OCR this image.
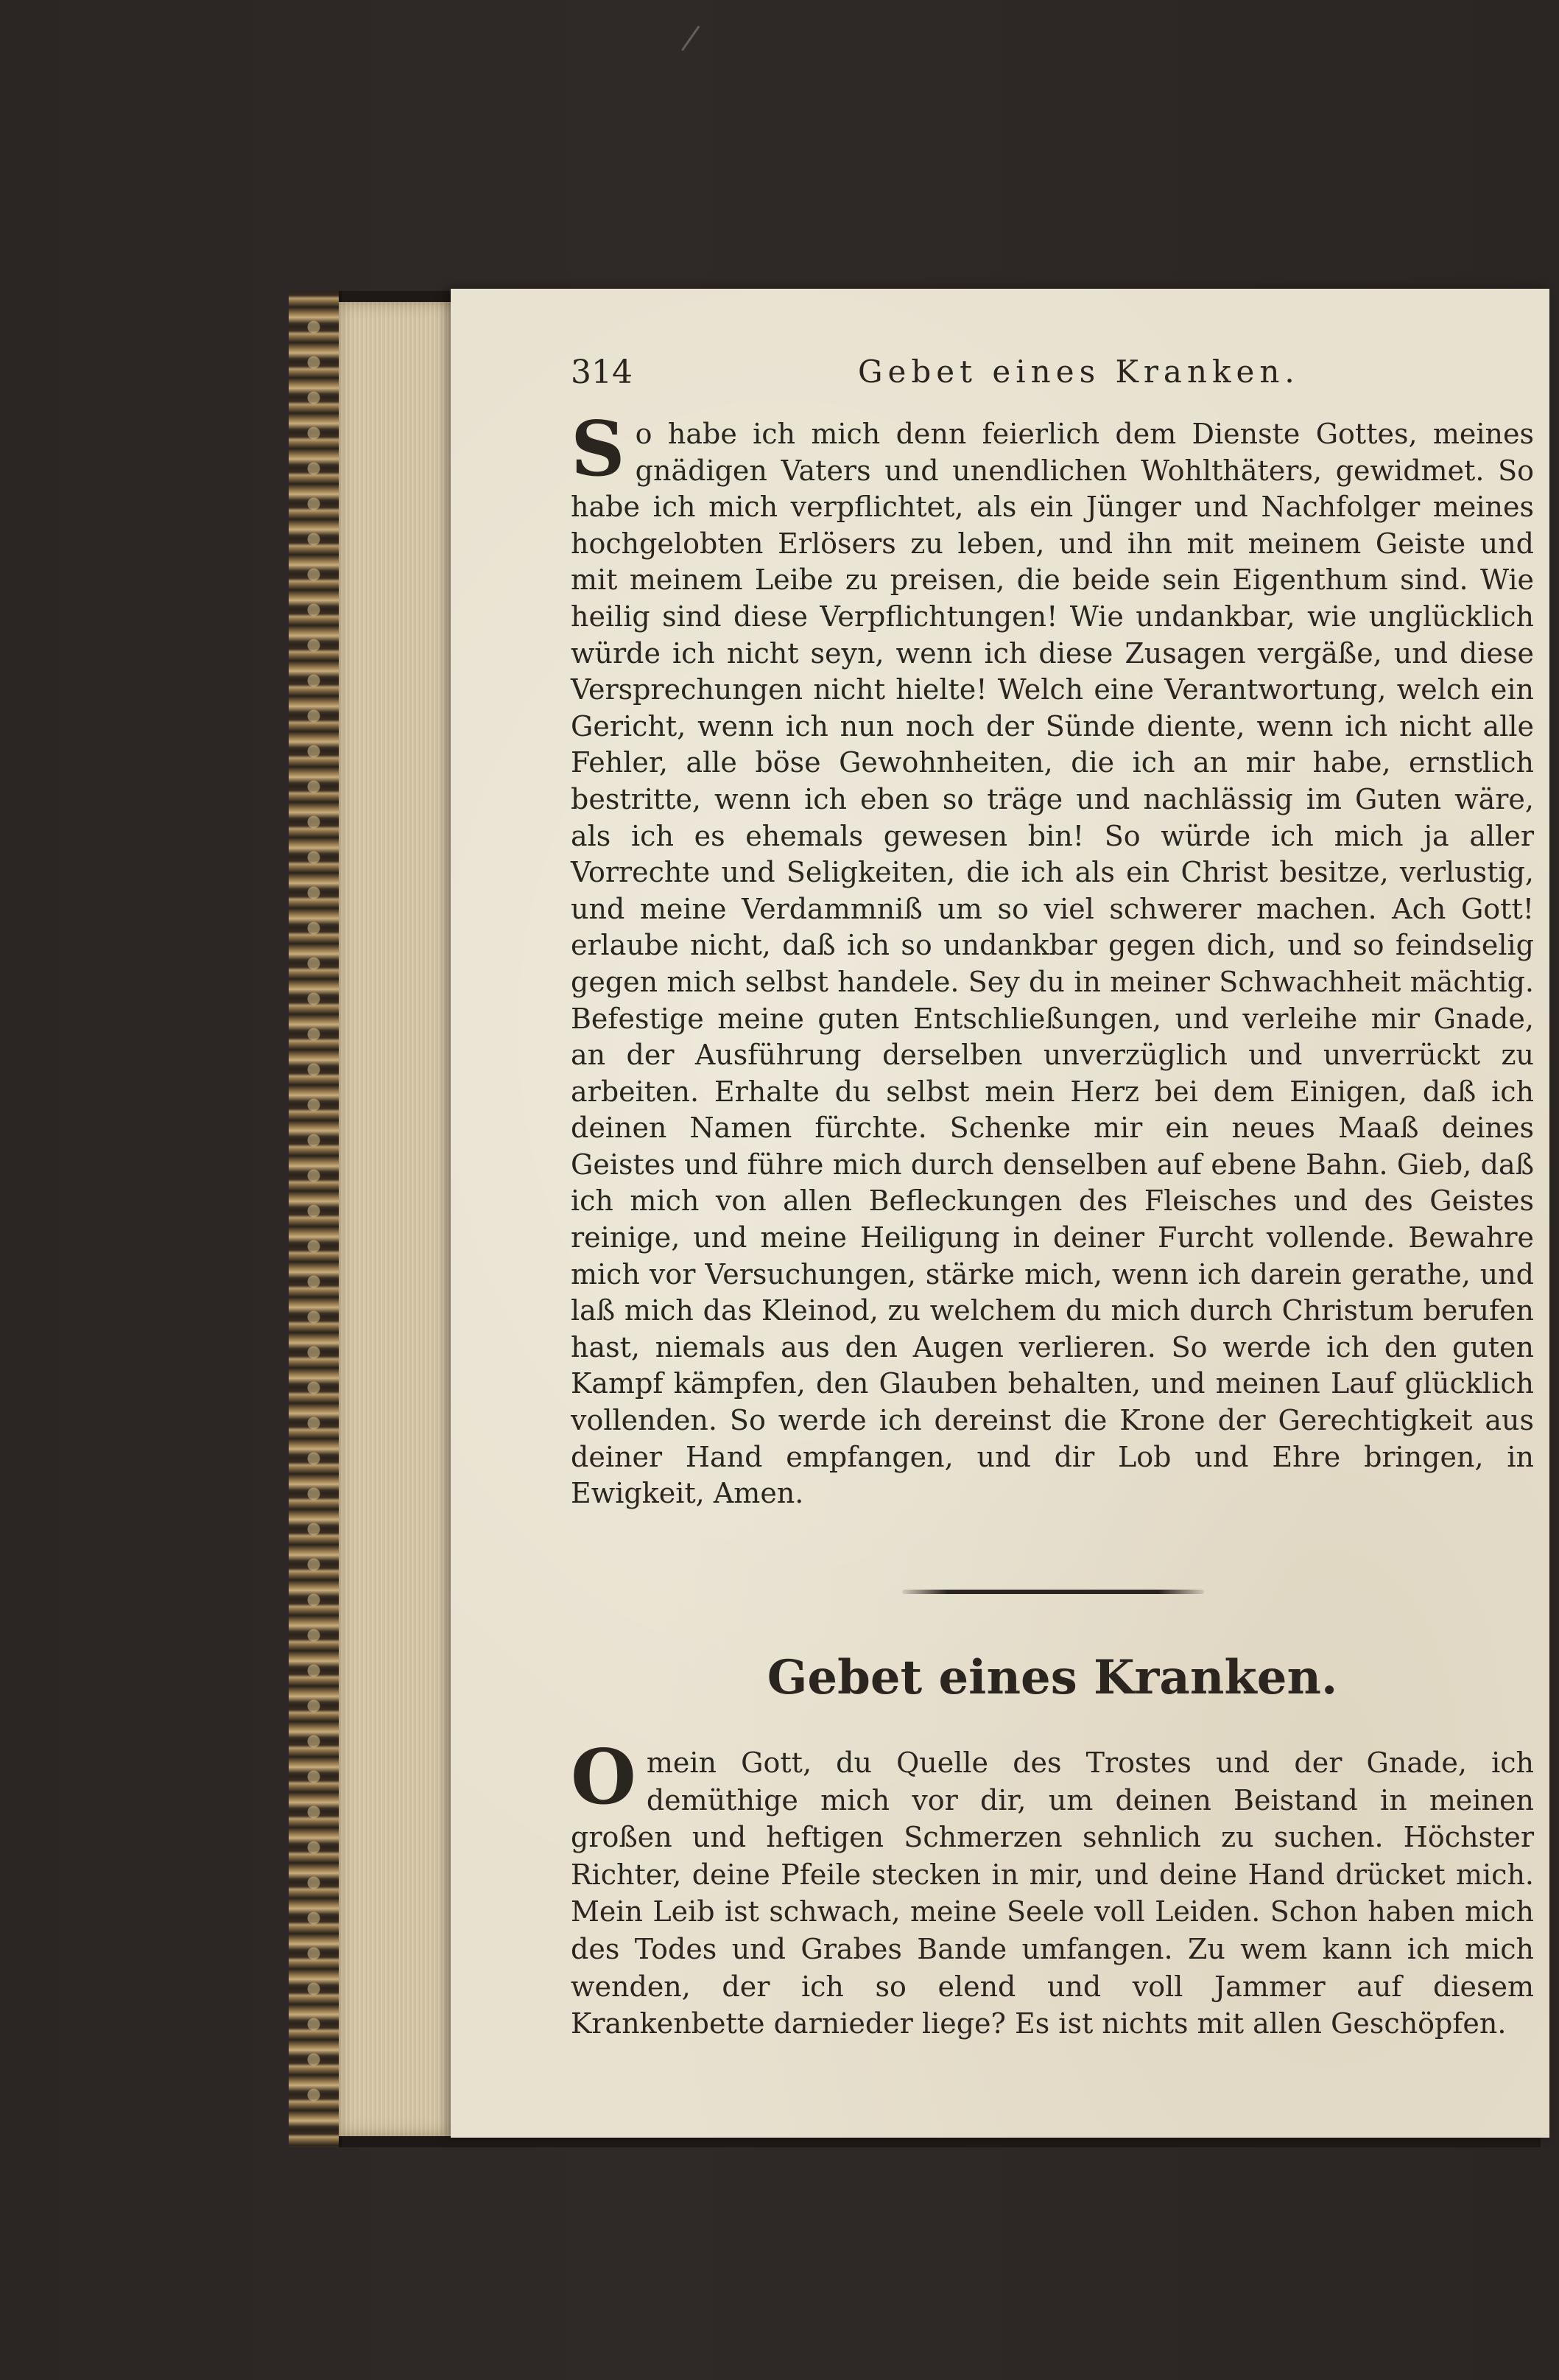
314	Gebet eines Kranken.
So habe ich mich denn feierlich dem Dienste Gottes, meines gnädigen Vaters und unendlichen Wohlthäters, gewidmet. So habe ich mich verpflichtet, als ein Jünger und Nachfolger meines hochgelobten Erlösers zu leben, und ihn mit meinem Geiste und mit meinem Leibe zu preisen, die beide sein Eigenthum sind. Wie heilig sind diese Verpflichtungen! Wie undankbar, wie unglücklich würde ich nicht seyn, wenn ich diese Zusagen vergäße, und diese Versprechungen nicht hielte! Welch eine Verantwortung, welch ein Gericht, wenn ich nun noch der Sünde diente, wenn ich nicht alle Fehler, alle böse Gewohnheiten, die ich an mir habe, ernstlich bestritte, wenn ich eben so träge und nachlässig im Guten wäre, als ich es ehemals gewesen bin! So würde ich mich ja aller Vorrechte und Seligkeiten, die ich als ein Christ besitze, verlustig, und meine Verdammniß um so viel schwerer machen. Ach Gott! erlaube nicht, daß ich so undankbar gegen dich, und so feindselig gegen mich selbst handele. Sey du in meiner Schwachheit mächtig. Befestige meine guten Entschließungen, und verleihe mir Gnade, an der Ausführung derselben unverzüglich und unverrückt zu arbeiten. Erhalte du selbst mein Herz bei dem Einigen, daß ich deinen Namen fürchte. Schenke mir ein neues Maaß deines Geistes und führe mich durch denselben auf ebene Bahn. Gieb, daß ich mich von allen Befleckungen des Fleisches und des Geistes reinige, und meine Heiligung in deiner Furcht vollende. Bewahre mich vor Versuchungen, stärke mich, wenn ich darein gerathe, und laß mich das Kleinod, zu welchem du mich durch Christum berufen hast, niemals aus den Augen verlieren. So werde ich den guten Kampf kämpfen, den Glauben behalten, und meinen Lauf glücklich vollenden. So werde ich dereinst die Krone der Gerechtigkeit aus deiner Hand empfangen, und dir Lob und Ehre bringen, in Ewigkeit, Amen.
Gebet eines Kranken.
Omein Gott, du Quelle des Trostes und der Gnade, ich demüthige mich vor dir, um deinen Beistand in meinen großen und heftigen Schmerzen sehnlich zu suchen. Höchster Richter, deine Pfeile stecken in mir, und deine Hand drücket mich. Mein Leib ist schwach, meine Seele voll Leiden. Schon haben mich des Todes und Grabes Bande umfangen. Zu wem kann ich mich wenden, der ich so elend und voll Jammer auf diesem Krankenbette darnieder liege? Es ist nichts mit allen Geschöpfen.
